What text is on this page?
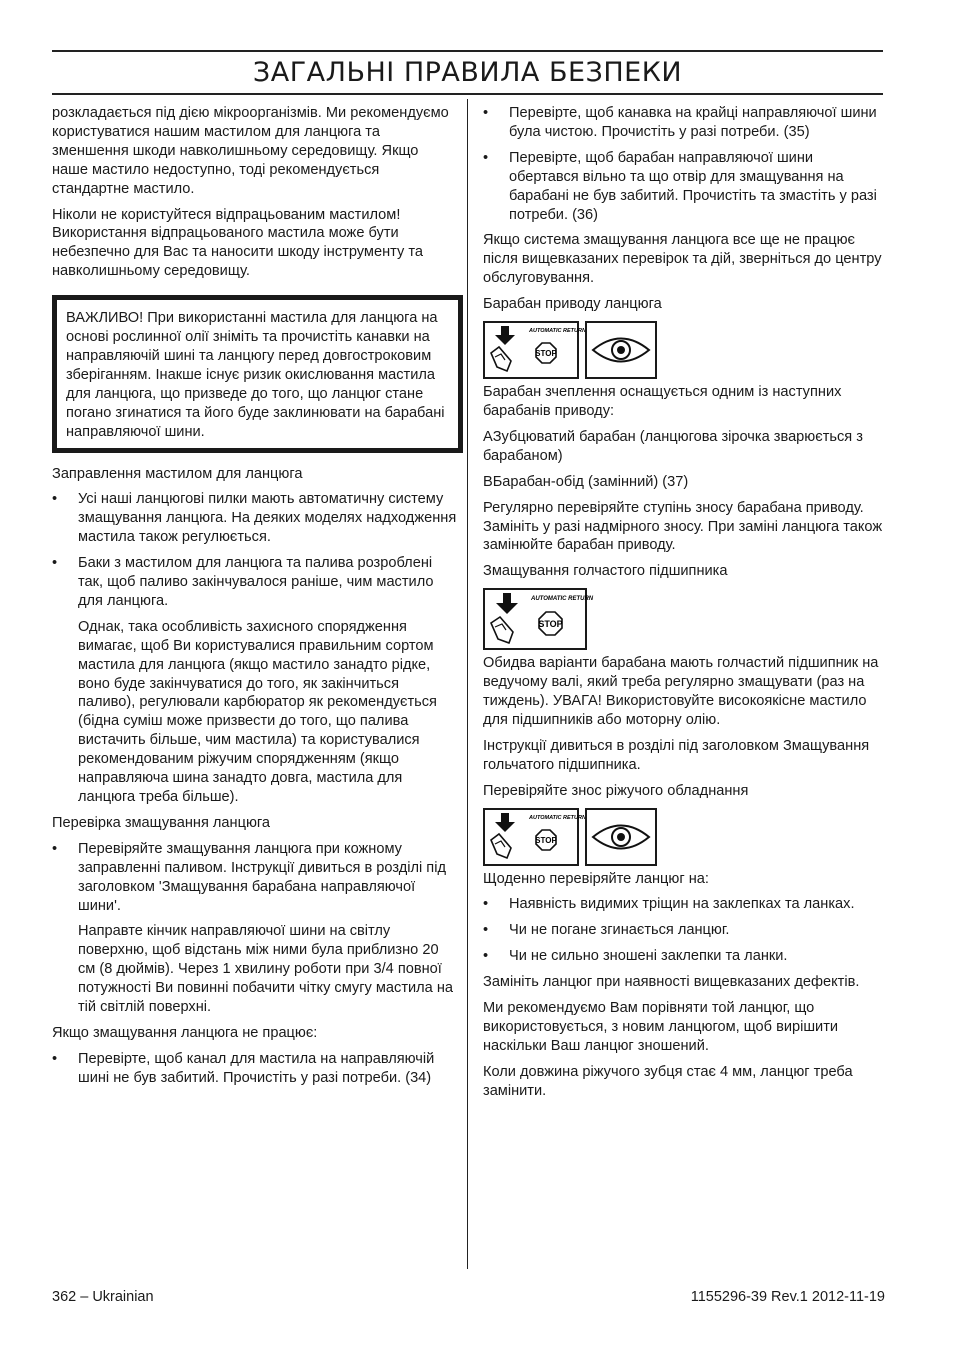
ЗАГАЛЬНІ ПРАВИЛА БЕЗПЕКИ

розкладається під дією мікроорганізмів. Ми рекомендуємо користуватися нашим мастилом для ланцюга та зменшення шкоди навколишньому середовищу. Якщо наше мастило недоступно, тоді рекомендується стандартне мастило.

Ніколи не користуйтеся відпрацьованим мастилом! Використання відпрацьованого мастила може бути небезпечно для Вас та наносити шкоду інструменту та навколишньому середовищу.

ВАЖЛИВО! При використанні мастила для ланцюга на основі рослинної олії зніміть та прочистіть канавки на направляючій шині та ланцюгу перед довгостроковим зберіганням. Інакше існує ризик окислювання мастила для ланцюга, що призведе до того, що ланцюг стане погано згинатися та його буде заклинювати на барабані направляючої шини.

Заправлення мастилом для ланцюга

• Усі наші ланцюгові пилки мають автоматичну систему змащування ланцюга. На деяких моделях надходження мастила також регулюється.
• Баки з мастилом для ланцюга та палива розроблені так, щоб паливо закінчувалося раніше, чим мастило для ланцюга.
Однак, така особливість захисного спорядження вимагає, щоб Ви користувалися правильним сортом мастила для ланцюга (якщо мастило занадто рідке, воно буде закінчуватися до того, як закінчиться паливо), регулювали карбюратор як рекомендується (бідна суміш може призвести до того, що палива вистачить більше, чим мастила) та користувалися рекомендованим ріжучим спорядженням (якщо направляюча шина занадто довга, мастила для ланцюга треба більше).

Перевірка змащування ланцюга

• Перевіряйте змащування ланцюга при кожному заправленні паливом. Інструкції дивиться в розділі під заголовком 'Змащування барабана направляючої шини'.
Направте кінчик направляючої шини на світлу поверхню, щоб відстань між ними була приблизно 20 см (8 дюймів). Через 1 хвилину роботи при 3/4 повної потужності Ви повинні побачити чітку смугу мастила на тій світлій поверхні.

Якщо змащування ланцюга не працює:

• Перевірте, щоб канал для мастила на направляючій шині не був забитий. Прочистіть у разі потреби. (34)
• Перевірте, щоб канавка на крайці направляючої шини була чистою. Прочистіть у разі потреби. (35)
• Перевірте, щоб барабан направляючої шини обертався вільно та що отвір для змащування на барабані не був забитий. Прочистіть та змастіть у разі потреби. (36)

Якщо система змащування ланцюга все ще не працює після вищевказаних перевірок та дій, зверніться до центру обслуговування.

Барабан приводу ланцюга

AUTOMATIC RETURN
STOP

Барабан зчеплення оснащується одним із наступних барабанів приводу:

AЗубцюватий барабан (ланцюгова зірочка зварюється з барабаном)

BБарабан-обід (замінний) (37)

Регулярно перевіряйте ступінь зносу барабана приводу. Замініть у разі надмірного зносу. При заміні ланцюга також замінюйте барабан приводу.

Змащування голчастого підшипника

AUTOMATIC RETURN
STOP

Обидва варіанти барабана мають голчастий підшипник на ведучому валі, який треба регулярно змащувати (раз на тиждень). УВАГА! Використовуйте високоякісне мастило для підшипників або моторну олію.

Інструкції дивиться в розділі під заголовком Змащування гольчатого підшипника.

Перевіряйте знос ріжучого обладнання

AUTOMATIC RETURN
STOP

Щоденно перевіряйте ланцюг на:

• Наявність видимих тріщин на заклепках та ланках.
• Чи не погане згинається ланцюг.
• Чи не сильно зношені заклепки та ланки.

Замініть ланцюг при наявності вищевказаних дефектів.

Ми рекомендуємо Вам порівняти той ланцюг, що використовується, з новим ланцюгом, щоб вирішити наскільки Ваш ланцюг зношений.

Коли довжина ріжучого зубця стає 4 мм, ланцюг треба замінити.

362 – Ukrainian	1155296-39 Rev.1 2012-11-19
